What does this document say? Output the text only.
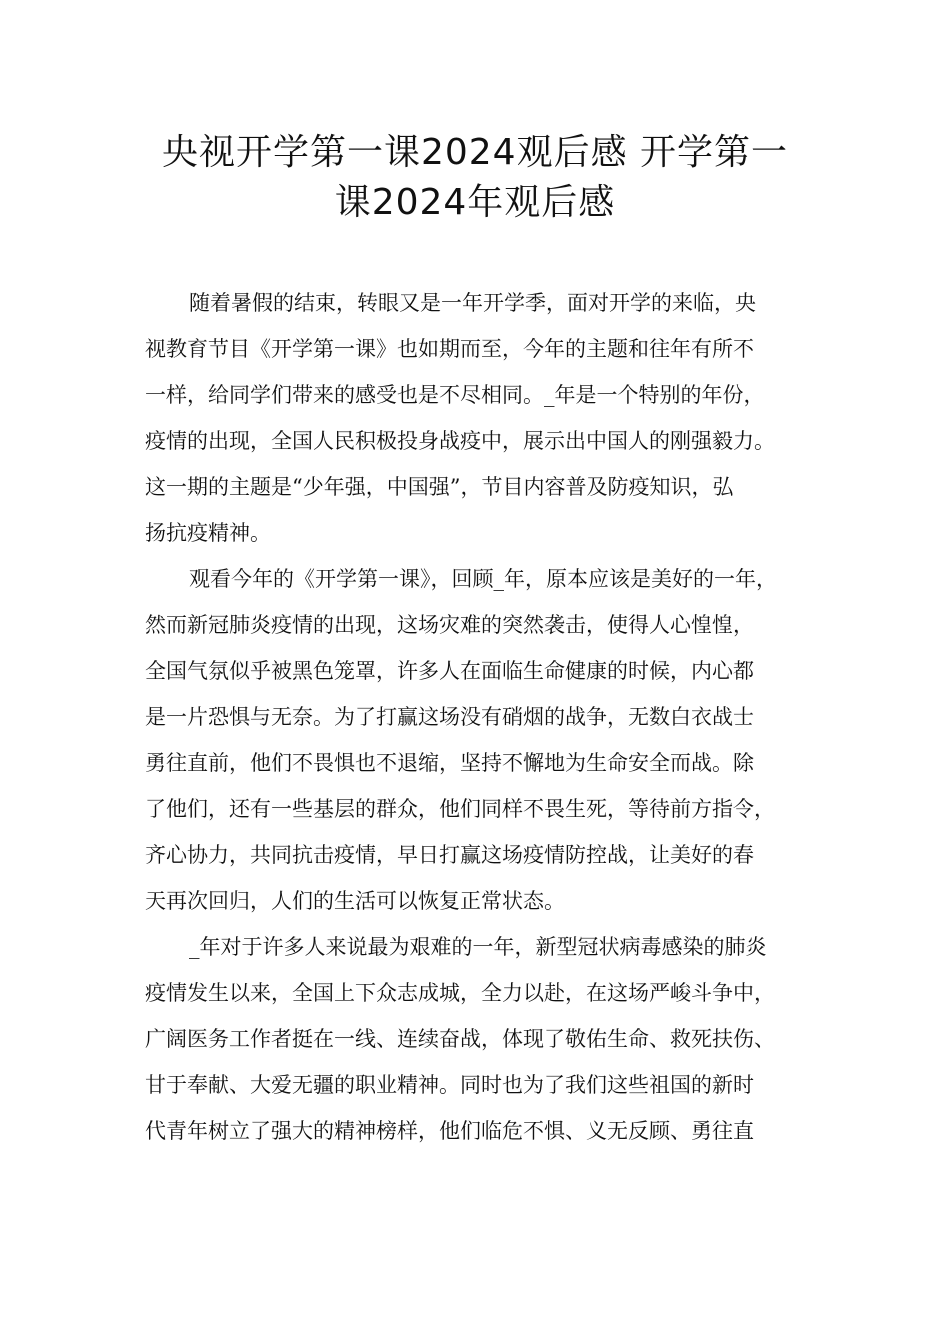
央视开学第一课2024观后感 开学第一
课2024年观后感
随着暑假的结束，转眼又是一年开学季，面对开学的来临，央
视教育节目《开学第一课》也如期而至，今年的主题和往年有所不
一样，给同学们带来的感受也是不尽相同。_年是一个特别的年份，
疫情的出现，全国人民积极投身战疫中，展示出中国人的刚强毅力。
这一期的主题是“少年强，中国强”，节目内容普及防疫知识，弘
扬抗疫精神。
观看今年的《开学第一课》，回顾_年，原本应该是美好的一年，
然而新冠肺炎疫情的出现，这场灾难的突然袭击，使得人心惶惶，
全国气氛似乎被黑色笼罩，许多人在面临生命健康的时候，内心都
是一片恐惧与无奈。为了打赢这场没有硝烟的战争，无数白衣战士
勇往直前，他们不畏惧也不退缩，坚持不懈地为生命安全而战。除
了他们，还有一些基层的群众，他们同样不畏生死，等待前方指令，
齐心协力，共同抗击疫情，早日打赢这场疫情防控战，让美好的春
天再次回归，人们的生活可以恢复正常状态。
_年对于许多人来说最为艰难的一年，新型冠状病毒感染的肺炎
疫情发生以来，全国上下众志成城，全力以赴，在这场严峻斗争中，
广阔医务工作者挺在一线、连续奋战，体现了敬佑生命、救死扶伤、
甘于奉献、大爱无疆的职业精神。同时也为了我们这些祖国的新时
代青年树立了强大的精神榜样，他们临危不惧、义无反顾、勇往直
